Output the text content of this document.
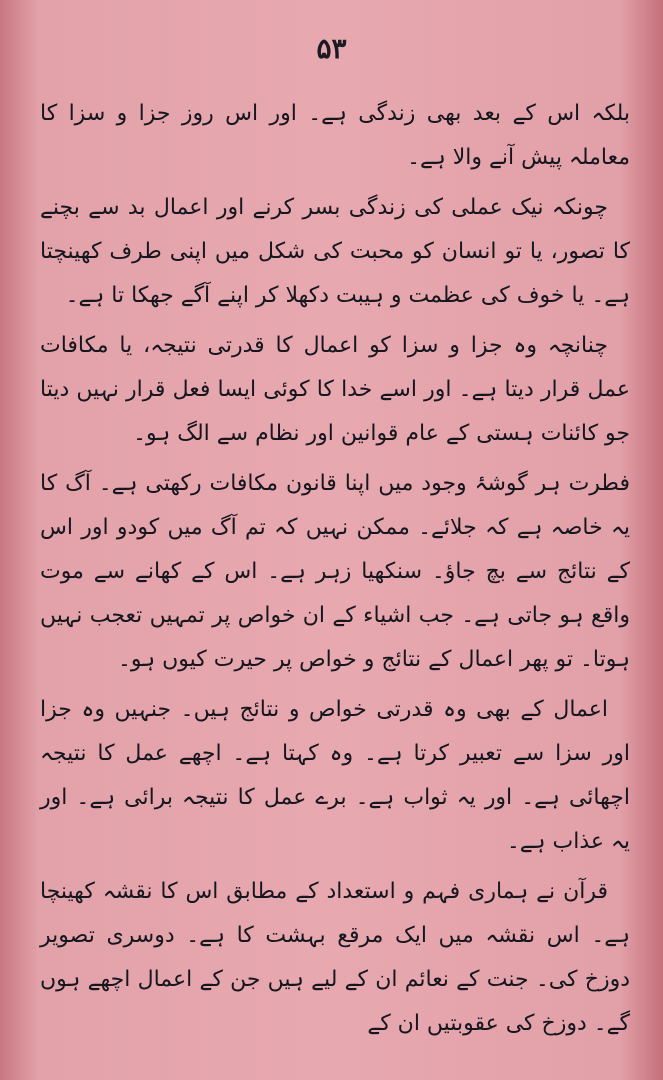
۵۳

بلکہ اس کے بعد بھی زندگی ہے۔ اور اس روز جزا و سزا کا معاملہ پیش آنے والا ہے۔

چونکہ نیک عملی کی زندگی بسر کرنے اور اعمال بد سے بچنے کا تصور، یا تو انسان کو محبت کی شکل میں اپنی طرف کھینچتا ہے۔ یا خوف کی عظمت و ہیبت دکھلا کر اپنے آگے جھکا تا ہے۔

چنانچہ وہ جزا و سزا کو اعمال کا قدرتی نتیجہ، یا مکافات عمل قرار دیتا ہے۔ اور اسے خدا کا کوئی ایسا فعل قرار نہیں دیتا جو کائنات ہستی کے عام قوانین اور نظام سے الگ ہو۔

فطرت ہر گوشۂ وجود میں اپنا قانون مکافات رکھتی ہے۔ آگ کا یہ خاصہ ہے کہ جلائے۔ ممکن نہیں کہ تم آگ میں کودو اور اس کے نتائج سے بچ جاؤ۔ سنکھیا زہر ہے۔ اس کے کھانے سے موت واقع ہو جاتی ہے۔ جب اشیاء کے ان خواص پر تمہیں تعجب نہیں ہوتا۔ تو پھر اعمال کے نتائج و خواص پر حیرت کیوں ہو۔

اعمال کے بھی وہ قدرتی خواص و نتائج ہیں۔ جنہیں وہ جزا اور سزا سے تعبیر کرتا ہے۔ وہ کہتا ہے۔ اچھے عمل کا نتیجہ اچھائی ہے۔ اور یہ ثواب ہے۔ برے عمل کا نتیجہ برائی ہے۔ اور یہ عذاب ہے۔

قرآن نے ہماری فہم و استعداد کے مطابق اس کا نقشہ کھینچا ہے۔ اس نقشہ میں ایک مرقع بہشت کا ہے۔ دوسری تصویر دوزخ کی۔ جنت کے نعائم ان کے لیے ہیں جن کے اعمال اچھے ہوں گے۔ دوزخ کی عقوبتیں ان کے
